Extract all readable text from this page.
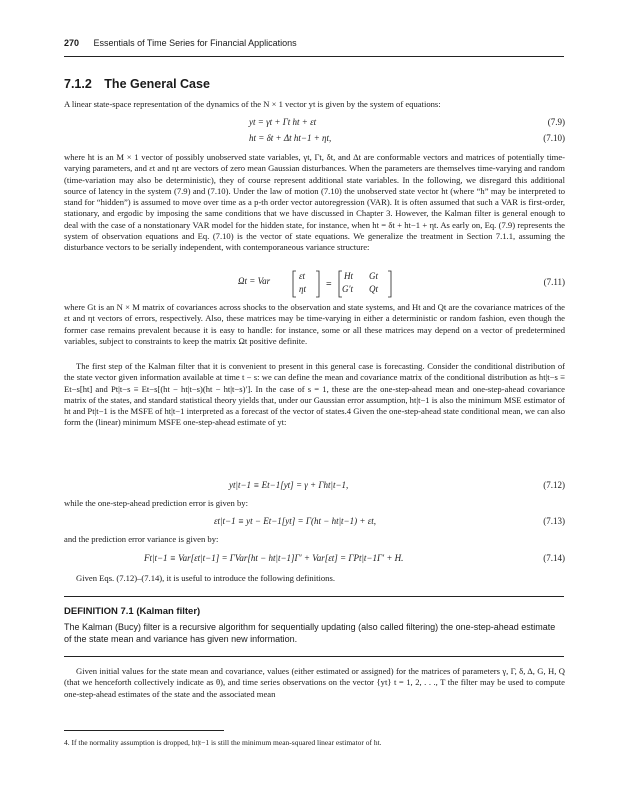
270 Essentials of Time Series for Financial Applications
7.1.2 The General Case
A linear state-space representation of the dynamics of the N × 1 vector yt is given by the system of equations:
yt = γt + Γt ht + εt	(7.9)
ht = δt + Δt ht−1 + ηt,	(7.10)
where ht is an M × 1 vector of possibly unobserved state variables, γt, Γt, δt, and Δt are conformable vectors and matrices of potentially time-varying parameters, and εt and ηt are vectors of zero mean Gaussian disturbances. When the parameters are themselves time-varying and random (time-variation may also be deterministic), they of course represent additional state variables. In the following, we disregard this additional source of latency in the system (7.9) and (7.10). Under the law of motion (7.10) the unobserved state vector ht (where “h” may be interpreted to stand for “hidden”) is assumed to move over time as a p-th order vector autoregression (VAR). It is often assumed that such a VAR is first-order, stationary, and ergodic by imposing the same conditions that we have discussed in Chapter 3. However, the Kalman filter is general enough to deal with the case of a nonstationary VAR model for the hidden state, for instance, when ht = δt + ht−1 + ηt. As early on, Eq. (7.9) represents the system of observation equations and Eq. (7.10) is the vector of state equations. We generalize the treatment in Section 7.1.1, assuming the disturbance vectors to be serially independent, with contemporaneous variance structure:
Ωt = Var	=
εt
ηt
Ht Gt
G′t Qt
(7.11)
where Gt is an N × M matrix of covariances across shocks to the observation and state systems, and Ht and Qt are the covariance matrices of the εt and ηt vectors of errors, respectively. Also, these matrices may be time-varying in either a deterministic or random fashion, even though the former case remains prevalent because it is easy to handle: for instance, some or all these matrices may depend on a vector of predetermined variables, subject to constraints to keep the matrix Ωt positive definite.
The first step of the Kalman filter that it is convenient to present in this general case is forecasting. Consider the conditional distribution of the state vector given information available at time t − s: we can define the mean and covariance matrix of the conditional distribution as ht|t−s ≡ Et−s[ht] and Pt|t−s ≡ Et−s[(ht − ht|t−s)(ht − ht|t−s)′]. In the case of s = 1, these are the one-step-ahead mean and one-step-ahead covariance matrix of the states, and standard statistical theory yields that, under our Gaussian error assumption, ht|t−1 is also the minimum MSE estimator of ht and Pt|t−1 is the MSFE of ht|t−1 interpreted as a forecast of the vector of states.4 Given the one-step-ahead state conditional mean, we can also form the (linear) minimum MSFE one-step-ahead estimate of yt:
yt|t−1 ≡ Et−1[yt] = γ + Γht|t−1,	(7.12)
while the one-step-ahead prediction error is given by:
εt|t−1 ≡ yt − Et−1[yt] = Γ(ht − ht|t−1) + εt,	(7.13)
and the prediction error variance is given by:
Ft|t−1 ≡ Var[εt|t−1] = ΓVar[ht − ht|t−1]Γ′ + Var[εt] = ΓPt|t−1Γ′ + H.	(7.14)
Given Eqs. (7.12)–(7.14), it is useful to introduce the following definitions.
DEFINITION 7.1 (Kalman filter)
The Kalman (Bucy) filter is a recursive algorithm for sequentially updating (also called filtering) the one-step-ahead estimate of the state mean and variance has given new information.
Given initial values for the state mean and covariance, values (either estimated or assigned) for the matrices of parameters γ, Γ, δ, Δ, G, H, Q (that we henceforth collectively indicate as θ), and time series observations on the vector {yt} t = 1, 2, . . ., T the filter may be used to compute one-step-ahead estimates of the state and the associated mean
4. If the normality assumption is dropped, ht|t−1 is still the minimum mean-squared linear estimator of ht.
